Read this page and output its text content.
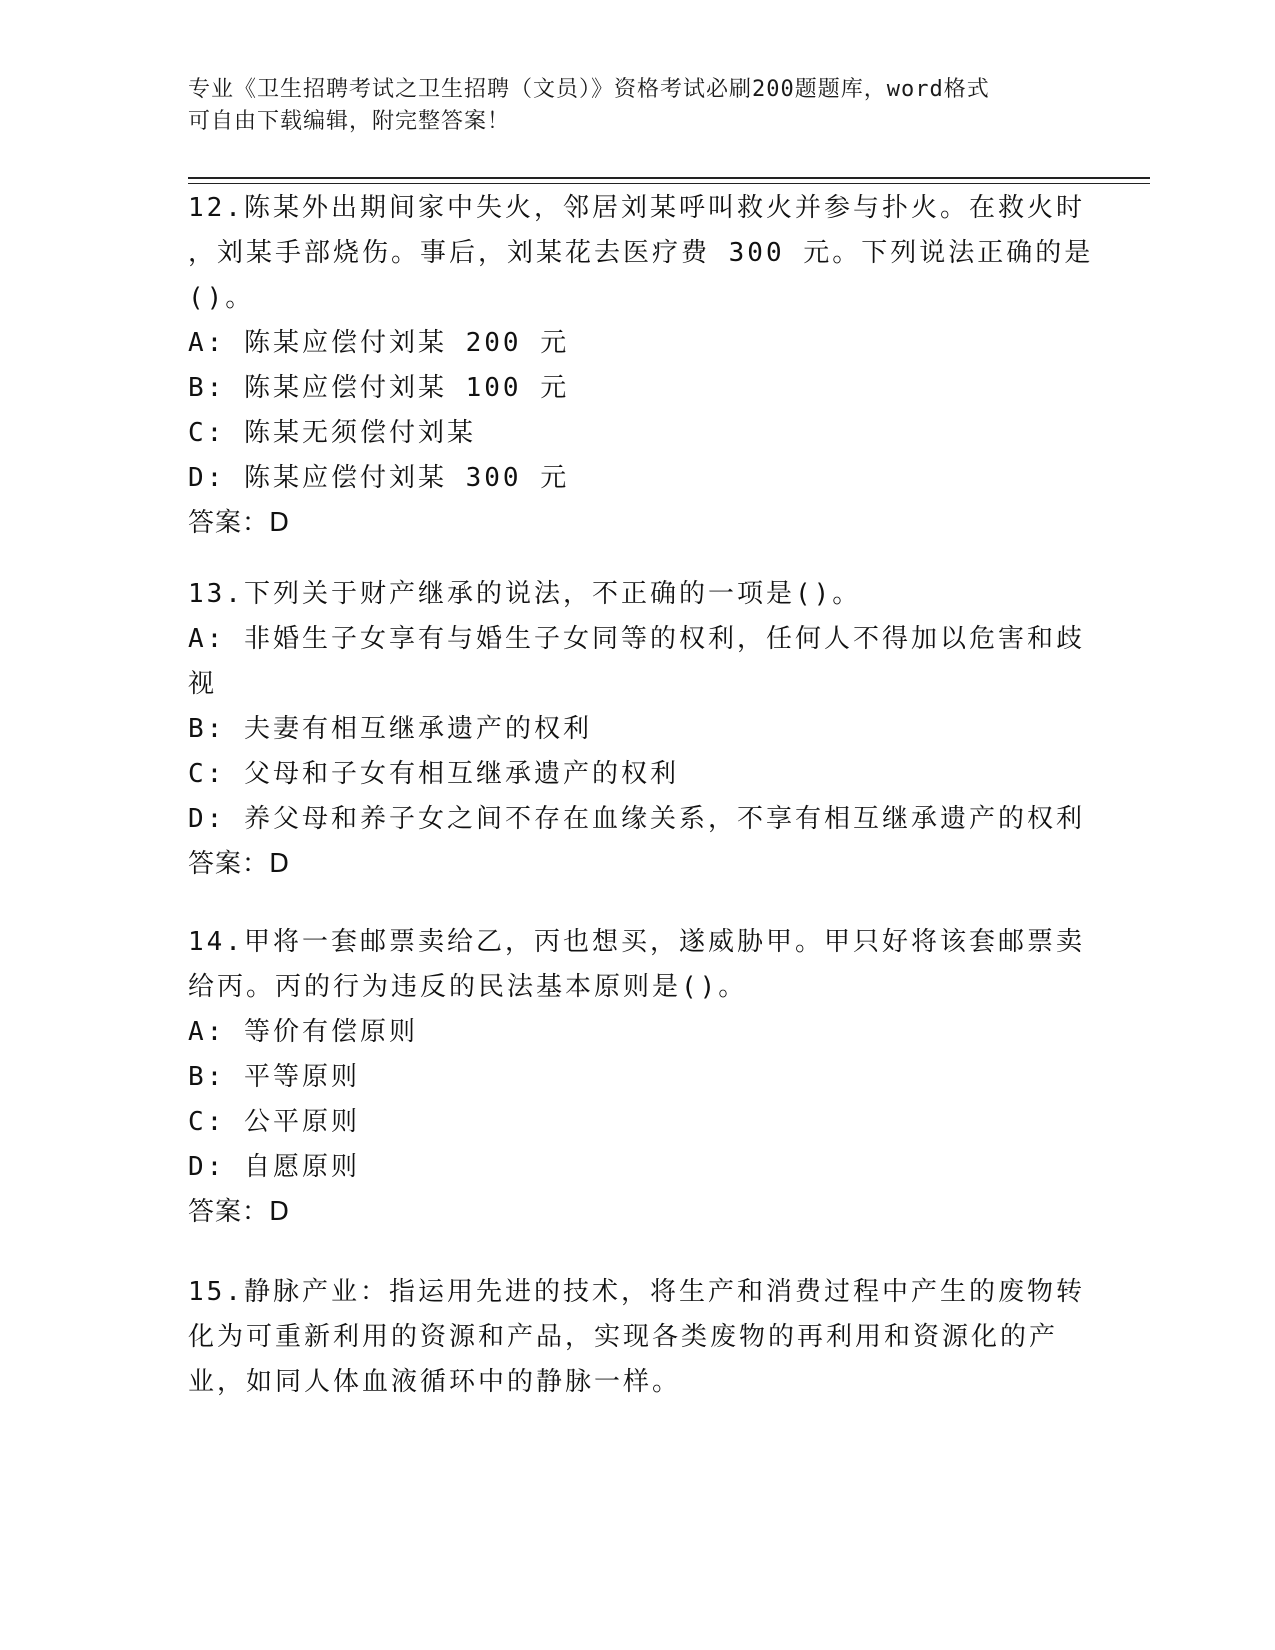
专业《卫生招聘考试之卫生招聘（文员）》资格考试必刷200题题库，word格式
可自由下载编辑，附完整答案！
12.陈某外出期间家中失火，邻居刘某呼叫救火并参与扑火。在救火时
，刘某手部烧伤。事后，刘某花去医疗费 300 元。下列说法正确的是
()。
A: 陈某应偿付刘某 200 元
B: 陈某应偿付刘某 100 元
C: 陈某无须偿付刘某
D: 陈某应偿付刘某 300 元
答案：D
13.下列关于财产继承的说法，不正确的一项是()。
A: 非婚生子女享有与婚生子女同等的权利，任何人不得加以危害和歧
视
B: 夫妻有相互继承遗产的权利
C: 父母和子女有相互继承遗产的权利
D: 养父母和养子女之间不存在血缘关系，不享有相互继承遗产的权利
答案：D
14.甲将一套邮票卖给乙，丙也想买，遂威胁甲。甲只好将该套邮票卖
给丙。丙的行为违反的民法基本原则是()。
A: 等价有偿原则
B: 平等原则
C: 公平原则
D: 自愿原则
答案：D
15.静脉产业：指运用先进的技术，将生产和消费过程中产生的废物转
化为可重新利用的资源和产品，实现各类废物的再利用和资源化的产
业，如同人体血液循环中的静脉一样。
